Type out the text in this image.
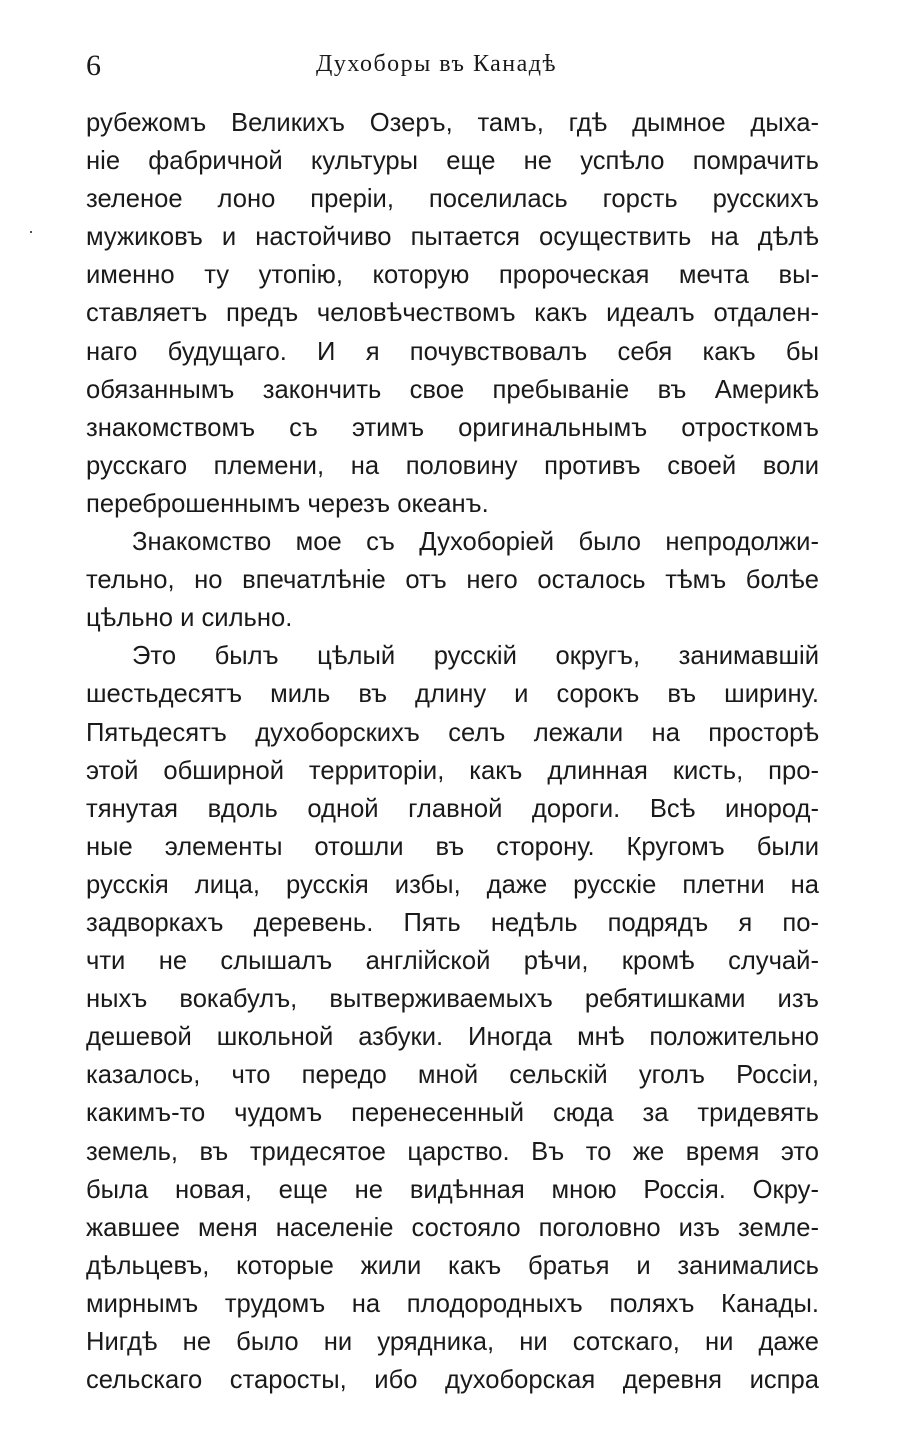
6	Духоборы въ Канадѣ
рубежомъ Великихъ Озеръ, тамъ, гдѣ дымное дыха-
ніе фабричной культуры еще не успѣло помрачить
зеленое лоно преріи, поселилась горсть русскихъ
мужиковъ и настойчиво пытается осуществить на дѣлѣ
именно ту утопію, которую пророческая мечта вы-
ставляетъ предъ человѣчествомъ какъ идеалъ отдален-
наго будущаго. И я почувствовалъ себя какъ бы
обязаннымъ закончить свое пребываніе въ Америкѣ
знакомствомъ съ этимъ оригинальнымъ отросткомъ
русскаго племени, на половину противъ своей воли
переброшеннымъ черезъ океанъ.
Знакомство мое съ Духоборіей было непродолжи-
тельно, но впечатлѣніе отъ него осталось тѣмъ болѣе
цѣльно и сильно.
Это былъ цѣлый русскій округъ, занимавшій
шестьдесятъ миль въ длину и сорокъ въ ширину.
Пятьдесятъ духоборскихъ селъ лежали на просторѣ
этой обширной территоріи, какъ длинная кисть, про-
тянутая вдоль одной главной дороги. Всѣ инород-
ные элементы отошли въ сторону. Кругомъ были
русскія лица, русскія избы, даже русскіе плетни на
задворкахъ деревень. Пять недѣль подрядъ я по-
чти не слышалъ англійской рѣчи, кромѣ случай-
ныхъ вокабулъ, вытверживаемыхъ ребятишками изъ
дешевой школьной азбуки. Иногда мнѣ положительно
казалось, что передо мной сельскій уголъ Россіи,
какимъ-то чудомъ перенесенный сюда за тридевять
земель, въ тридесятое царство. Въ то же время это
была новая, еще не видѣнная мною Россія. Окру-
жавшее меня населеніе состояло поголовно изъ земле-
дѣльцевъ, которые жили какъ братья и занимались
мирнымъ трудомъ на плодородныхъ поляхъ Канады.
Нигдѣ не было ни урядника, ни сотскаго, ни даже
сельскаго старосты, ибо духоборская деревня испра
